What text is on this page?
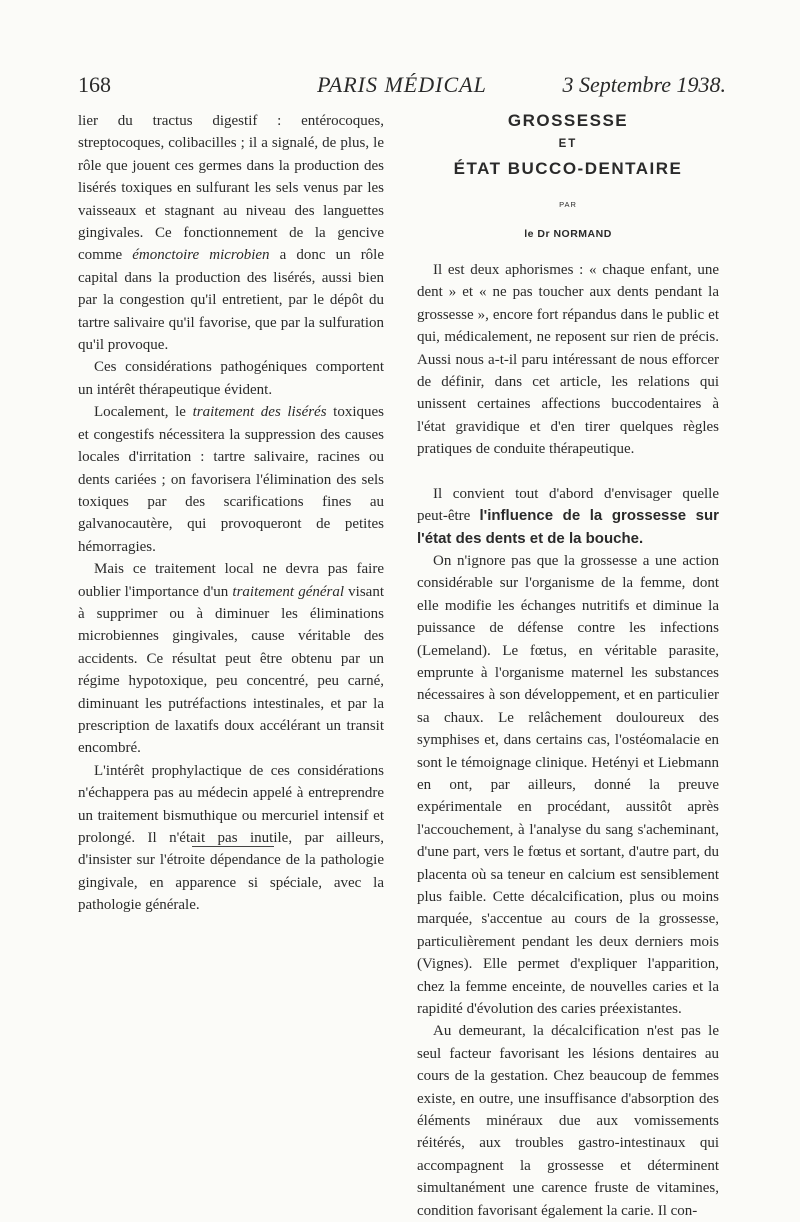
168	PARIS MÉDICAL	3 Septembre 1938.

lier du tractus digestif : entérocoques, streptocoques, colibacilles ; il a signalé, de plus, le rôle que jouent ces germes dans la production des lisérés toxiques en sulfurant les sels venus par les vaisseaux et stagnant au niveau des languettes gingivales. Ce fonctionnement de la gencive comme émonctoire microbien a donc un rôle capital dans la production des lisérés, aussi bien par la congestion qu'il entretient, par le dépôt du tartre salivaire qu'il favorise, que par la sulfuration qu'il provoque.

Ces considérations pathogéniques comportent un intérêt thérapeutique évident.

Localement, le traitement des lisérés toxiques et congestifs nécessitera la suppression des causes locales d'irritation : tartre salivaire, racines ou dents cariées ; on favorisera l'élimination des sels toxiques par des scarifications fines au galvanocautère, qui provoqueront de petites hémorragies.

Mais ce traitement local ne devra pas faire oublier l'importance d'un traitement général visant à supprimer ou à diminuer les éliminations microbiennes gingivales, cause véritable des accidents. Ce résultat peut être obtenu par un régime hypotoxique, peu concentré, peu carné, diminuant les putréfactions intestinales, et par la prescription de laxatifs doux accélérant un transit encombré.

L'intérêt prophylactique de ces considérations n'échappera pas au médecin appelé à entreprendre un traitement bismuthique ou mercuriel intensif et prolongé. Il n'était pas inutile, par ailleurs, d'insister sur l'étroite dépendance de la pathologie gingivale, en apparence si spéciale, avec la pathologie générale.

GROSSESSE
ET
ÉTAT BUCCO-DENTAIRE
PAR
le Dr NORMAND

Il est deux aphorismes : « chaque enfant, une dent » et « ne pas toucher aux dents pendant la grossesse », encore fort répandus dans le public et qui, médicalement, ne reposent sur rien de précis. Aussi nous a-t-il paru intéressant de nous efforcer de définir, dans cet article, les relations qui unissent certaines affections buccodentaires à l'état gravidique et d'en tirer quelques règles pratiques de conduite thérapeutique.

Il convient tout d'abord d'envisager quelle peut-être l'influence de la grossesse sur l'état des dents et de la bouche.

On n'ignore pas que la grossesse a une action considérable sur l'organisme de la femme, dont elle modifie les échanges nutritifs et diminue la puissance de défense contre les infections (Lemeland). Le fœtus, en véritable parasite, emprunte à l'organisme maternel les substances nécessaires à son développement, et en particulier sa chaux. Le relâchement douloureux des symphises et, dans certains cas, l'ostéomalacie en sont le témoignage clinique. Hetényi et Liebmann en ont, par ailleurs, donné la preuve expérimentale en procédant, aussitôt après l'accouchement, à l'analyse du sang s'acheminant, d'une part, vers le fœtus et sortant, d'autre part, du placenta où sa teneur en calcium est sensiblement plus faible. Cette décalcification, plus ou moins marquée, s'accentue au cours de la grossesse, particulièrement pendant les deux derniers mois (Vignes). Elle permet d'expliquer l'apparition, chez la femme enceinte, de nouvelles caries et la rapidité d'évolution des caries préexistantes.

Au demeurant, la décalcification n'est pas le seul facteur favorisant les lésions dentaires au cours de la gestation. Chez beaucoup de femmes existe, en outre, une insuffisance d'absorption des éléments minéraux due aux vomissements réitérés, aux troubles gastro-intestinaux qui accompagnent la grossesse et déterminent simultanément une carence fruste de vitamines, condition favorisant également la carie. Il con-
